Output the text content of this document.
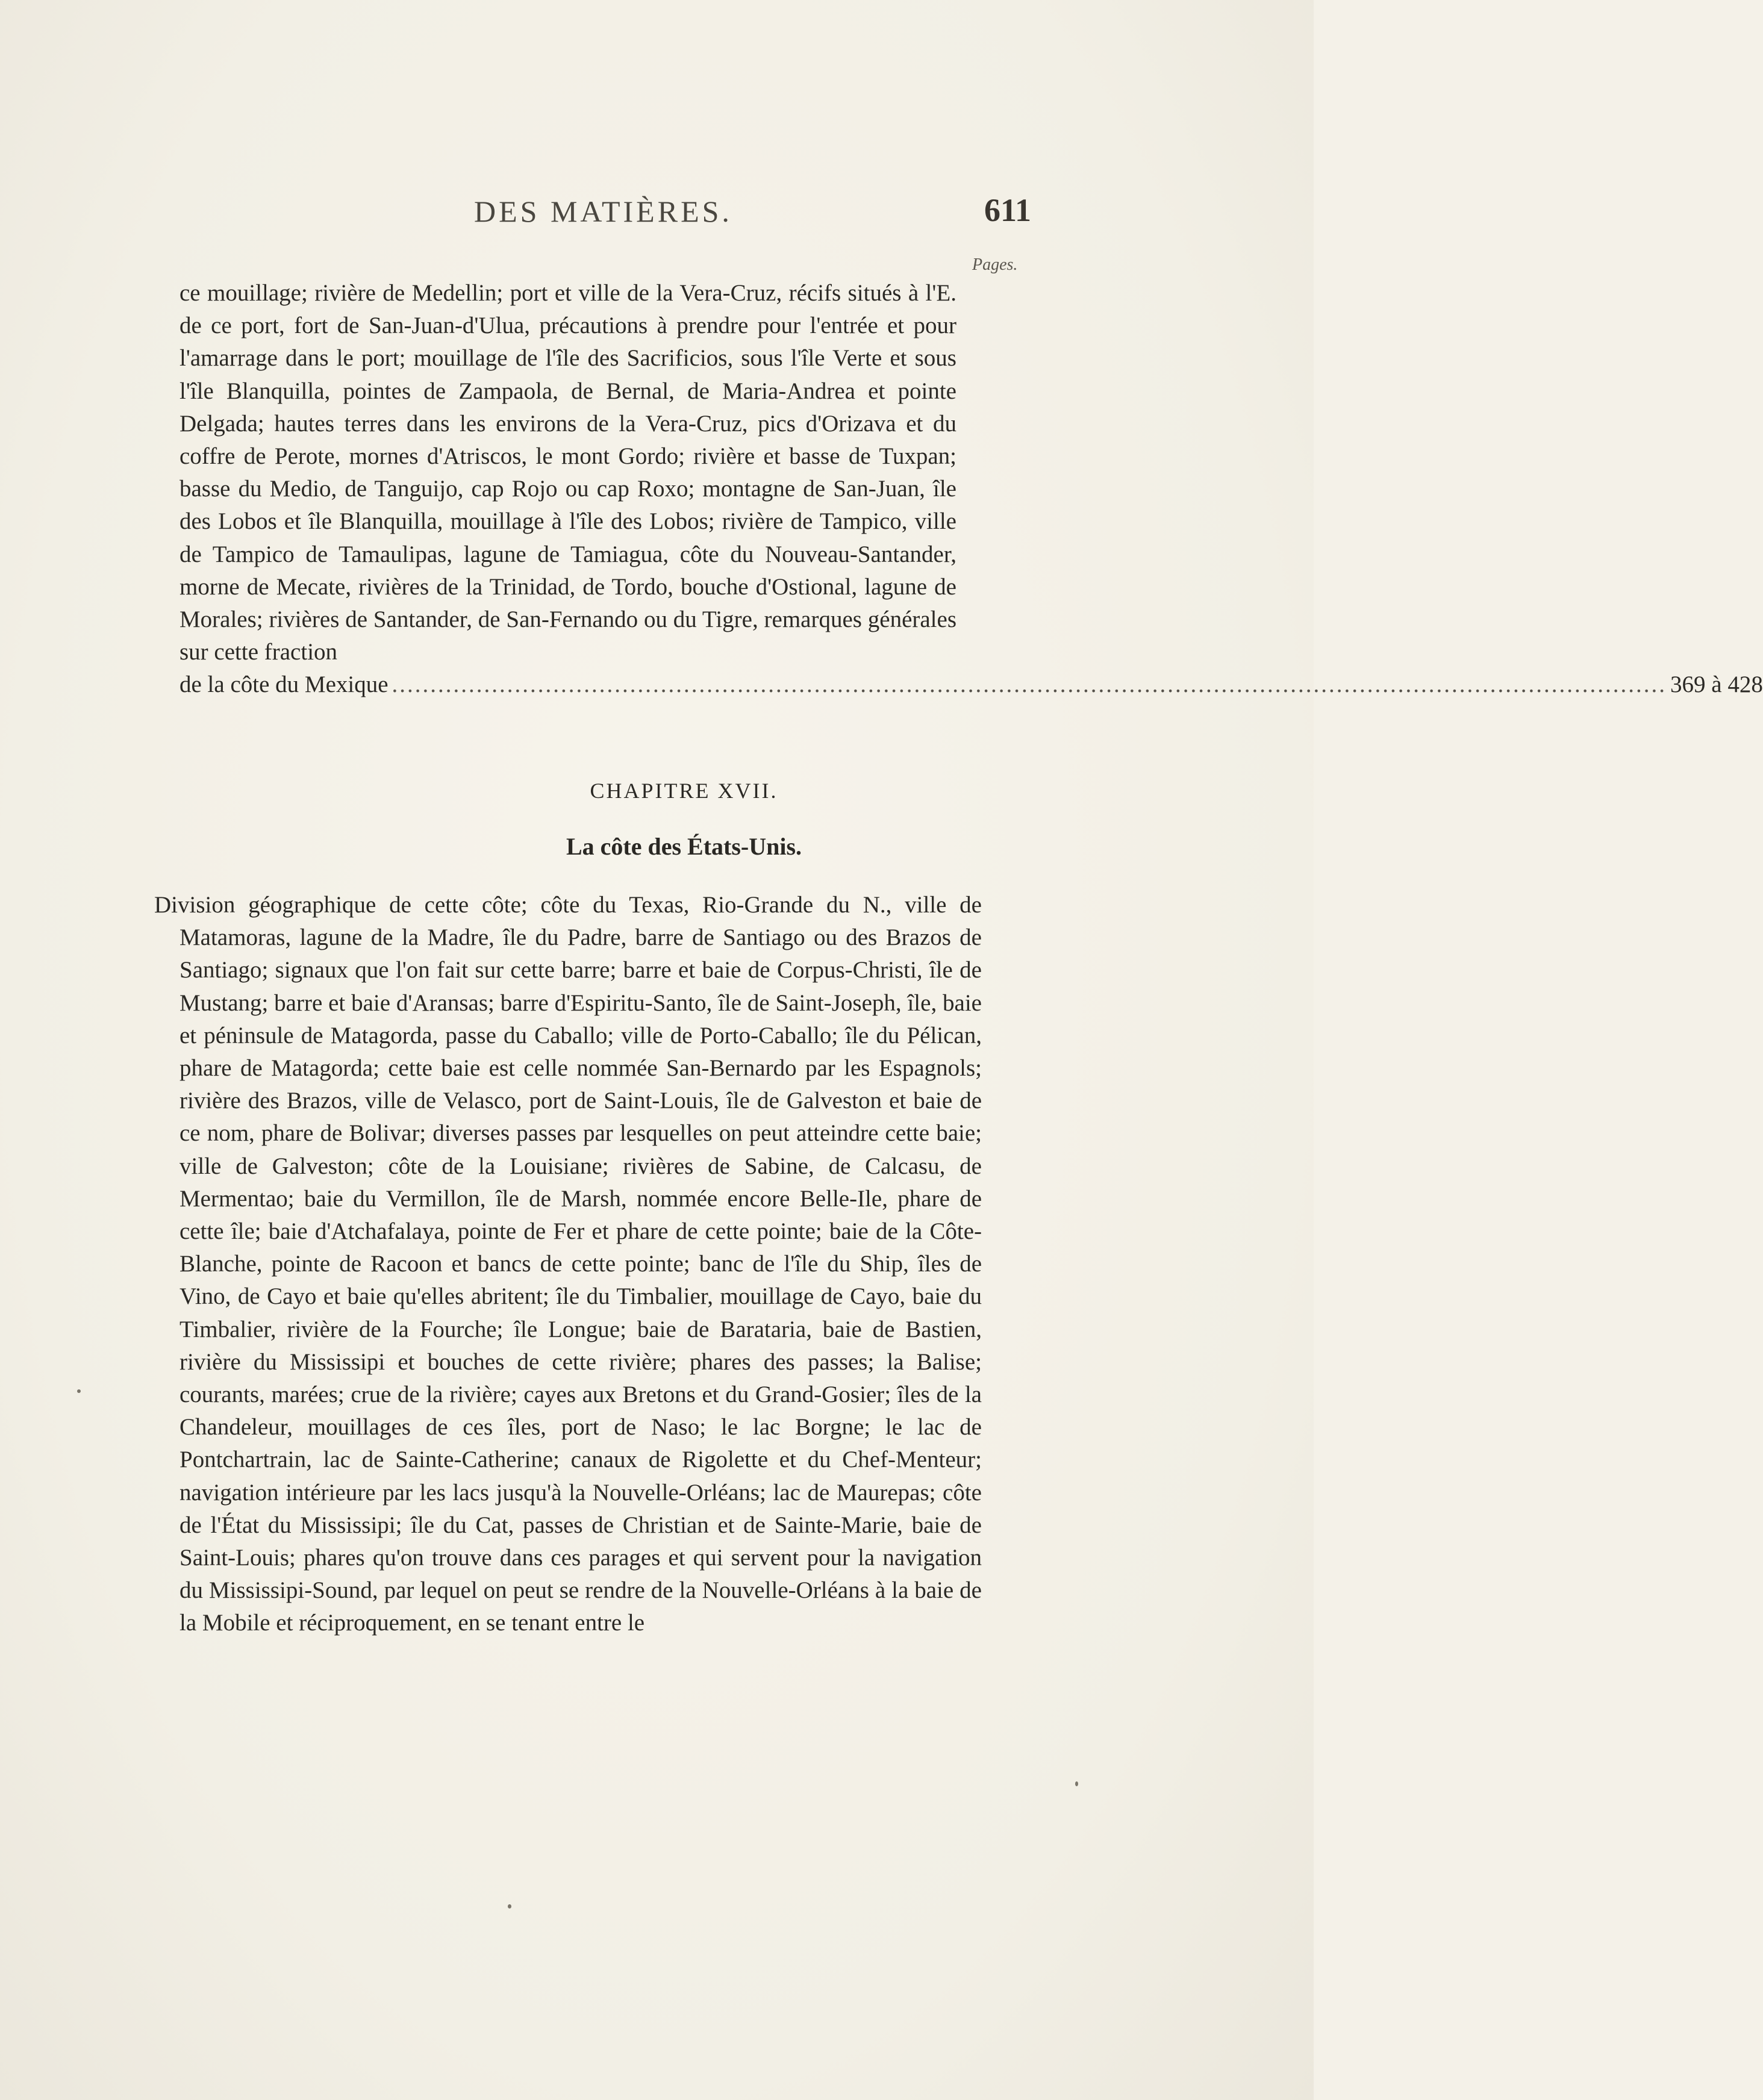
DES MATIÈRES.	611
Pages.
ce mouillage; rivière de Medellin; port et ville de la Vera-Cruz, récifs situés à l'E. de ce port, fort de San-Juan-d'Ulua, précautions à prendre pour l'entrée et pour l'amarrage dans le port; mouillage de l'île des Sacrificios, sous l'île Verte et sous l'île Blanquilla, pointes de Zampaola, de Bernal, de Maria-Andrea et pointe Delgada; hautes terres dans les environs de la Vera-Cruz, pics d'Orizava et du coffre de Perote, mornes d'Atriscos, le mont Gordo; rivière et basse de Tuxpan; basse du Medio, de Tanguijo, cap Rojo ou cap Roxo; montagne de San-Juan, île des Lobos et île Blanquilla, mouillage à l'île des Lobos; rivière de Tampico, ville de Tampico de Tamaulipas, lagune de Tamiagua, côte du Nouveau-Santander, morne de Mecate, rivières de la Trinidad, de Tordo, bouche d'Ostional, lagune de Morales; rivières de Santander, de San-Fernando ou du Tigre, remarques générales sur cette fraction
de la côte du Mexique ...................................................................................................................................................................... 369 à 428
CHAPITRE XVII.
La côte des États-Unis.
Division géographique de cette côte; côte du Texas, Rio-Grande du N., ville de Matamoras, lagune de la Madre, île du Padre, barre de Santiago ou des Brazos de Santiago; signaux que l'on fait sur cette barre; barre et baie de Corpus-Christi, île de Mustang; barre et baie d'Aransas; barre d'Espiritu-Santo, île de Saint-Joseph, île, baie et péninsule de Matagorda, passe du Caballo; ville de Porto-Caballo; île du Pélican, phare de Matagorda; cette baie est celle nommée San-Bernardo par les Espagnols; rivière des Brazos, ville de Velasco, port de Saint-Louis, île de Galveston et baie de ce nom, phare de Bolivar; diverses passes par lesquelles on peut atteindre cette baie; ville de Galveston; côte de la Louisiane; rivières de Sabine, de Calcasu, de Mermentao; baie du Vermillon, île de Marsh, nommée encore Belle-Ile, phare de cette île; baie d'Atchafalaya, pointe de Fer et phare de cette pointe; baie de la Côte-Blanche, pointe de Racoon et bancs de cette pointe; banc de l'île du Ship, îles de Vino, de Cayo et baie qu'elles abritent; île du Timbalier, mouillage de Cayo, baie du Timbalier, rivière de la Fourche; île Longue; baie de Barataria, baie de Bastien, rivière du Mississipi et bouches de cette rivière; phares des passes; la Balise; courants, marées; crue de la rivière; cayes aux Bretons et du Grand-Gosier; îles de la Chandeleur, mouillages de ces îles, port de Naso; le lac Borgne; le lac de Pontchartrain, lac de Sainte-Catherine; canaux de Rigolette et du Chef-Menteur; navigation intérieure par les lacs jusqu'à la Nouvelle-Orléans; lac de Maurepas; côte de l'État du Mississipi; île du Cat, passes de Christian et de Sainte-Marie, baie de Saint-Louis; phares qu'on trouve dans ces parages et qui servent pour la navigation du Mississipi-Sound, par lequel on peut se rendre de la Nouvelle-Orléans à la baie de la Mobile et réciproquement, en se tenant entre le
